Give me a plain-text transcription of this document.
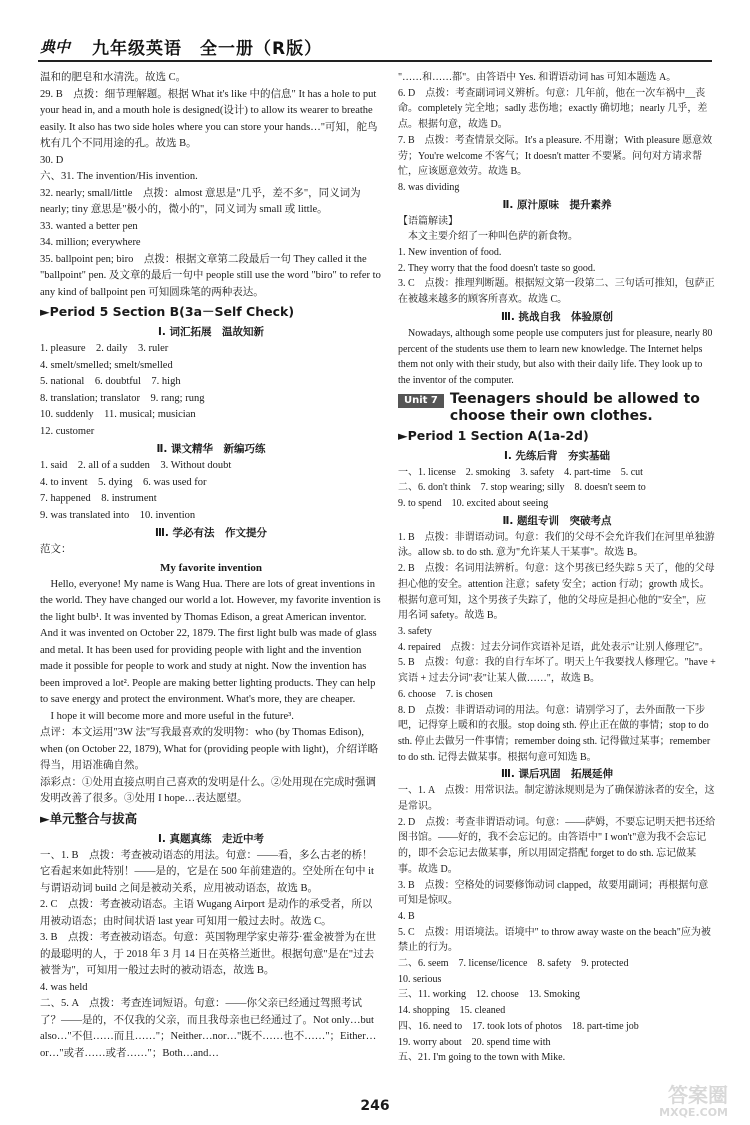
典中 九年级英语　全一册（R版）
温和的肥皂和水清洗。故选 C。
29. B　点拨：细节理解题。根据 What it's like 中的信息" It has a hole to put your head in, and a mouth hole is designed(设计) to allow its wearer to breathe easily. It also has two side holes where you can store your hands…"可知，舵鸟枕有几个不同用途的孔。故选 B。
30. D
六、31. The invention/His invention.
32. nearly; small/little　点拨：almost 意思是"几乎，差不多"，同义词为 nearly; tiny 意思是"极小的，微小的"，同义词为 small 或 little。
33. wanted a better pen
34. million; everywhere
35. ballpoint pen; biro　点拨：根据文章第二段最后一句 They called it the "ballpoint" pen. 及文章的最后一句中 people still use the word "biro" to refer to any kind of ballpoint pen 可知圆珠笔的两种表达。
►Period 5 Section B(3a－Self Check)
Ⅰ. 词汇拓展　温故知新
1. pleasure　2. daily　3. ruler
4. smelt/smelled; smelt/smelled
5. national　6. doubtful　7. high
8. translation; translator　9. rang; rung
10. suddenly　11. musical; musician
12. customer
Ⅱ. 课文精华　新编巧练
1. said　2. all of a sudden　3. Without doubt
4. to invent　5. dying　6. was used for
7. happened　8. instrument
9. was translated into　10. invention
Ⅲ. 学必有法　作文提分
范文：
My favorite invention
　Hello, everyone! My name is Wang Hua. There are lots of great inventions in the world. They have changed our world a lot. However, my favorite invention is the light bulb¹. It was invented by Thomas Edison, a great American inventor. And it was invented on October 22, 1879. The first light bulb was made of glass and metal. It has been used for providing people with light and the invention made it possible for people to work and study at night. Now the invention has been improved a lot². People are making better lighting products. They can help to save energy and protect the environment. What's more, they are cheaper.
　I hope it will become more and more useful in the future³.
点评：本文运用"3W 法"写我最喜欢的发明物：who (by Thomas Edison), when (on October 22, 1879), What for (providing people with light)，介绍详略得当，用语准确自然。
添彩点：①处用直接点明自己喜欢的发明是什么。②处用现在完成时强调发明改善了很多。③处用 I hope…表达愿望。
►单元整合与拔高
Ⅰ. 真题真练　走近中考
一、1. B　点拨：考查被动语态的用法。句意：——看，多么古老的桥！它看起来如此特别！——是的，它是在 500 年前建造的。空处所在句中 it 与谓语动词 build 之间是被动关系，应用被动语态，故选 B。
2. C　点拨：考查被动语态。主语 Wugang Airport 是动作的承受者，所以用被动语态；由时间状语 last year 可知用一般过去时。故选 C。
3. B　点拨：考查被动语态。句意：英国物理学家史蒂芬·霍金被誉为在世的最聪明的人，于 2018 年 3 月 14 日在英格兰逝世。根据句意"是在"过去被誉为"，可知用一般过去时的被动语态，故选 B。
4. was held
二、5. A　点拨：考查连词短语。句意：——你父亲已经通过驾照考试了？——是的，不仅我的父亲，而且我母亲也已经通过了。Not only…but also…"不但……而且……"；Neither…nor…"既不……也不……"；Either…or…"或者……或者……"；Both…and…
"……和……都"。由答语中 Yes. 和谓语动词 has 可知本题选 A。
6. D　点拨：考查副词词义辨析。句意：几年前，他在一次车祸中__丧命。completely 完全地；sadly 悲伤地；exactly 确切地；nearly 几乎，差点。根据句意，故选 D。
7. B　点拨：考查情景交际。It's a pleasure. 不用谢；With pleasure 愿意效劳；You're welcome 不客气；It doesn't matter 不要紧。问句对方请求帮忙，应该愿意效劳。故选 B。
8. was dividing
Ⅱ. 原汁原味　提升素养
【语篇解读】
　本文主要介绍了一种叫色萨的新食物。
1. New invention of food.
2. They worry that the food doesn't taste so good.
3. C　点拨：推理判断题。根据短文第一段第二、三句话可推知，包萨正在被越来越多的顾客所喜欢。故选 C。
Ⅲ. 挑战自我　体验原创
　Nowadays, although some people use computers just for pleasure, nearly 80 percent of the students use them to learn new knowledge. The Internet helps them not only with their study, but also with their daily life. They look up to the inventor of the computer.
Unit 7 Teenagers should be allowed to choose their own clothes.
►Period 1 Section A(1a-2d)
Ⅰ. 先练后背　夯实基础
一、1. license　2. smoking　3. safety　4. part-time　5. cut
二、6. don't think　7. stop wearing; silly　8. doesn't seem to
9. to spend　10. excited about seeing
Ⅱ. 题组专训　突破考点
1. B　点拨：非谓语动词。句意：我们的父母不会允许我们在河里单独游泳。allow sb. to do sth. 意为"允许某人干某事"。故选 B。
2. B　点拨：名词用法辨析。句意：这个男孩已经失踪 5 天了，他的父母担心他的安全。attention 注意；safety 安全；action 行动；growth 成长。根据句意可知，这个男孩子失踪了，他的父母应是担心他的"安全"，应用名词 safety。故选 B。
3. safety
4. repaired　点拨：过去分词作宾语补足语，此处表示"让别人修理它"。
5. B　点拨：句意：我的自行车坏了。明天上午我要找人修理它。"have + 宾语 + 过去分词"表"让某人做……"，故选 B。
6. choose　7. is chosen
8. D　点拨：非谓语动词的用法。句意：请别学习了，去外面散一下步吧，记得穿上暖和的衣服。stop doing sth. 停止正在做的事情；stop to do sth. 停止去做另一件事情；remember doing sth. 记得做过某事；remember to do sth. 记得去做某事。根据句意可知选 B。
Ⅲ. 课后巩固　拓展延伸
一、1. A　点拨：用常识法。制定游泳规则是为了确保游泳者的安全，这是常识。
2. D　点拨：考查非谓语动词。句意：——萨姆，不要忘记明天把书还给图书馆。——好的，我不会忘记的。由答语中" I won't"意为我不会忘记的，即不会忘记去做某事，所以用固定搭配 forget to do sth. 忘记做某事。故选 D。
3. B　点拨：空格处的词要修饰动词 clapped，故要用副词；再根据句意可知是惊叹。
4. B
5. C　点拨：用语境法。语境中" to throw away waste on the beach"应为被禁止的行为。
二、6. seem　7. license/licence　8. safety　9. protected
10. serious
三、11. working　12. choose　13. Smoking
14. shopping　15. cleaned
四、16. need to　17. took lots of photos　18. part-time job
19. worry about　20. spend time with
五、21. I'm going to the town with Mike.
246	答案圈
MXQE.COM
